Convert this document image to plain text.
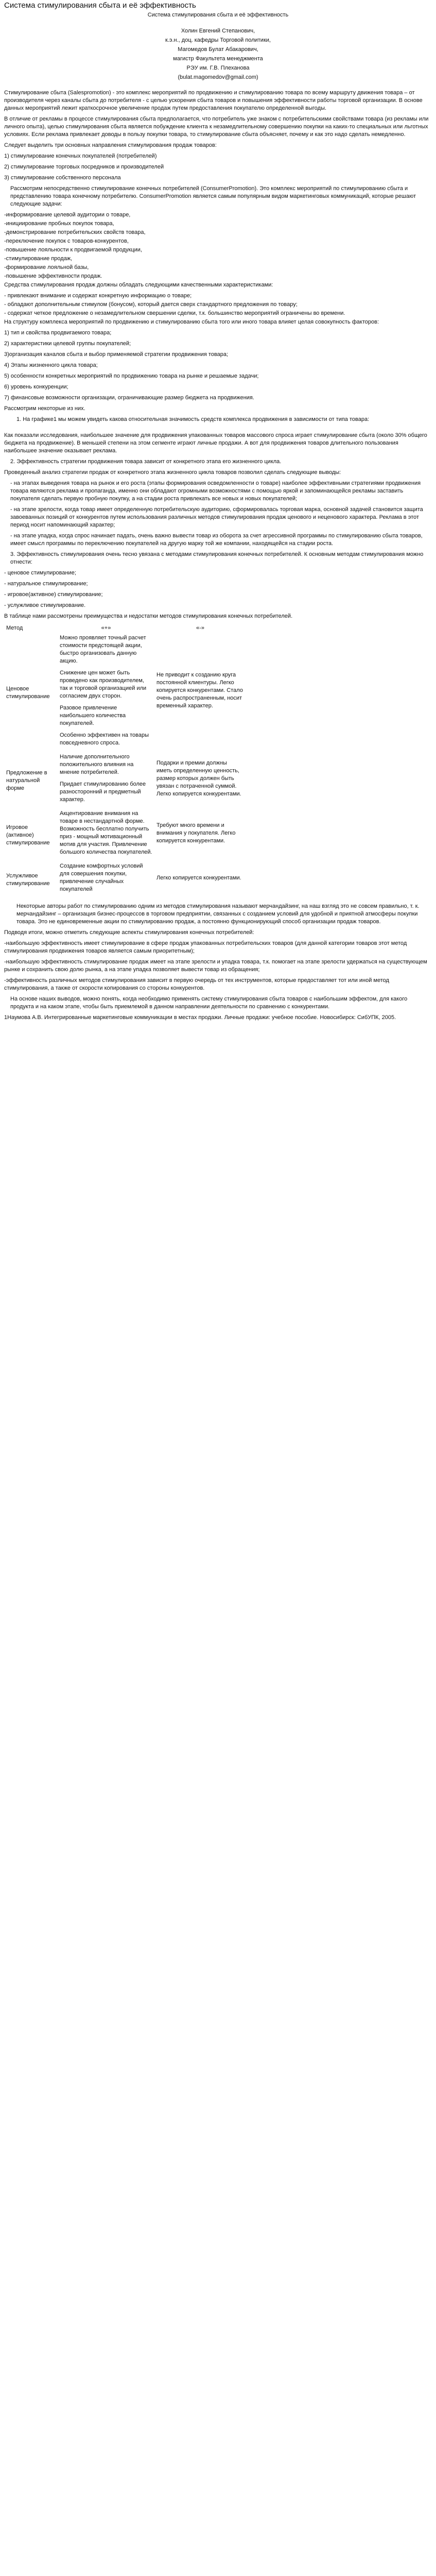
Система стимулирования сбыта и её эффективность

Система стимулирования сбыта и её эффективность

Холин Евгений Степанович,

к.э.н., доц. кафедры Торговой политики,

Магомедов Булат Абакарович,

магистр Факультета менеджмента

РЭУ им. Г.В. Плеханова

(bulat.magomedov@gmail.com)

Стимулирование сбыта (Salespromotion) - это комплекс мероприятий по продвижению и стимулированию товара по всему маршруту движения товара – от производителя через каналы сбыта до потребителя - с целью ускорения сбыта товаров и повышения эффективности работы торговой организации. В основе данных мероприятий лежит краткосрочное увеличение продаж путем предоставления покупателю определенной выгоды.

В отличие от рекламы в процессе стимулирования сбыта предполагается, что потребитель уже знаком с потребительскими свойствами товара (из рекламы или личного опыта), целью стимулирования сбыта является побуждение клиента к незамедлительному совершению покупки на каких-то специальных или льготных условиях. Если реклама привлекает доводы в пользу покупки товара, то стимулирование сбыта объясняет, почему и как это надо сделать немедленно.

Следует выделить три основных направления стимулирования продаж товаров:

1) стимулирование конечных покупателей (потребителей)

2) стимулирование торговых посредников и производителей

3) стимулирование собственного персонала

Рассмотрим непосредственно стимулирование конечных потребителей (ConsumerPromotion). Это комплекс мероприятий по стимулированию сбыта и представлению товара конечному потребителю. ConsumerPromotion является самым популярным видом маркетинговых коммуникаций, которые решают следующие задачи:

-информирование целевой аудитории о товаре,

-инициирование пробных покупок товара,

-демонстрирование потребительских свойств товара,

-переключение покупок с товаров-конкурентов,

-повышение лояльности к продвигаемой продукции,

-стимулирование продаж,

-формирование лояльной базы,

-повышение эффективности продаж.

Средства стимулирования продаж должны обладать следующими качественными характеристиками:

- привлекают внимание и содержат конкретную информацию о товаре;

- обладают дополнительным стимулом (бонусом), который дается сверх стандартного предложения по товару;

- содержат четкое предложение о незамедлительном свершении сделки, т.к. большинство мероприятий ограничены во времени.

На структуру комплекса мероприятий по продвижению и стимулированию сбыта того или иного товара влияет целая совокупность факторов:

1) тип и свойства продвигаемого товара;

2) характеристики целевой группы покупателей;

3)организация каналов сбыта и выбор применяемой стратегии продвижения товара;

4) Этапы жизненного цикла товара;

5) особенности конкретных мероприятий по продвижению товара на рынке и решаемые задачи;

6) уровень конкуренции;

7) финансовые возможности организации, ограничивающие размер бюджета на продвижения.

Рассмотрим некоторые из них.

1. На графике1 мы можем увидеть какова относительная значимость средств комплекса продвижения в зависимости от типа товара:

Как показали исследования, наибольшее значение для продвижения упакованных товаров массового спроса играет стимулирование сбыта (около 30% общего бюджета на продвижение). В меньшей степени на этом сегменте играют личные продажи. А вот для продвижения товаров длительного пользования наибольшее значение оказывает реклама.

2. Эффективность стратегии продвижения товара зависит от конкретного этапа его жизненного цикла.

Проведенный анализ стратегии продаж от конкретного этапа жизненного цикла товаров позволил сделать следующие выводы:

- на этапах выведения товара на рынок и его роста (этапы формирования осведомленности о товаре) наиболее эффективными стратегиями продвижения товара являются реклама и пропаганда, именно они обладают огромными возможностями с помощью яркой и запоминающейся рекламы заставить покупателя сделать первую пробную покупку, а на стадии роста привлекать все новых и новых покупателей;

- на этапе зрелости, когда товар имеет определенную потребительскую аудиторию, сформировалась торговая марка, основной задачей становится защита завоеванных позиций от конкурентов путем использования различных методов стимулирования продаж ценового и неценового характера. Реклама в этот период носит напоминающий характер;

- на этапе упадка, когда спрос начинает падать, очень важно вывести товар из оборота за счет агрессивной программы по стимулированию сбыта товаров, имеет смысл программы по переключению покупателей на другую марку той же компании, находящейся на стадии роста.

3. Эффективность стимулирования очень тесно увязана с методами стимулирования конечных потребителей. К основным методам стимулирования можно отнести:

- ценовое стимулирование;

- натуральное стимулирование;

- игровое(активное) стимулирование;

- услужливое стимулирование.

В таблице нами рассмотрены преимущества и недостатки методов стимулирования конечных потребителей.

Метод	«+»	«-»
Ценовое стимулирование	Можно проявляет точный расчет стоимости предстоящей акции, быстро организовать данную акцию.

Снижение цен может быть проведено как производителем, так и торговой организацией или согласием двух сторон.

Разовое привлечение наибольшего количества покупателей.

Особенно эффективен на товары повседневного спроса.	Не приводит к созданию круга постоянной клиентуры. Легко копируется конкурентами. Стало очень распространенным, носит временный характер.

Предложение в натуральной форме	Наличие дополнительного положительного влияния на мнение потребителей.

Придает стимулированию более разносторонний и предметный характер.	Подарки и премии должны иметь определенную ценность, размер которых должен быть увязан с потраченной суммой. Легко копируется конкурентами.

Игровое (активное) стимулирование	Акцентирование внимания на товаре в нестандартной форме. Возможность бесплатно получить приз - мощный мотивационный мотив для участия. Привлечение большого количества покупателей.	Требуют много времени и внимания у покупателя. Легко копируется конкурентами.

Услужливое стимулирование	Создание комфортных условий для совершения покупки, привлечение случайных покупателей	Легко копируется конкурентами.

Некоторые авторы работ по стимулированию одним из методов стимулирования называют мерчандайзинг, на наш взгляд это не совсем правильно, т. к. мерчандайзинг – организация бизнес-процессов в торговом предприятии, связанных с созданием условий для удобной и приятной атмосферы покупки товара. Это не единовременные акции по стимулированию продаж, а постоянно функционирующий способ организации продаж товаров.

Подводя итоги, можно отметить следующие аспекты стимулирования конечных потребителей:

-наибольшую эффективность имеет стимулирование в сфере продаж упакованных потребительских товаров (для данной категории товаров этот метод стимулирования продвижения товаров является самым приоритетным);

-наибольшую эффективность стимулирование продаж имеет на этапе зрелости и упадка товара, т.к. помогает на этапе зрелости удержаться на существующем рынке и сохранить свою долю рынка, а на этапе упадка позволяет вывести товар из обращения;

-эффективность различных методов стимулирования зависит в первую очередь от тех инструментов, которые предоставляет тот или иной метод стимулирования, а также от скорости копирования со стороны конкурентов.

На основе наших выводов, можно понять, когда необходимо применять систему стимулирования сбыта товаров с наибольшим эффектом, для какого продукта и на каком этапе, чтобы быть приемлемой в данном направлении деятельности по сравнению с конкурентами.

1Наумова А.В. Интегрированные маркетинговые коммуникации в местах продажи. Личные продажи: учебное пособие. Новосибирск: СибУПК, 2005.
